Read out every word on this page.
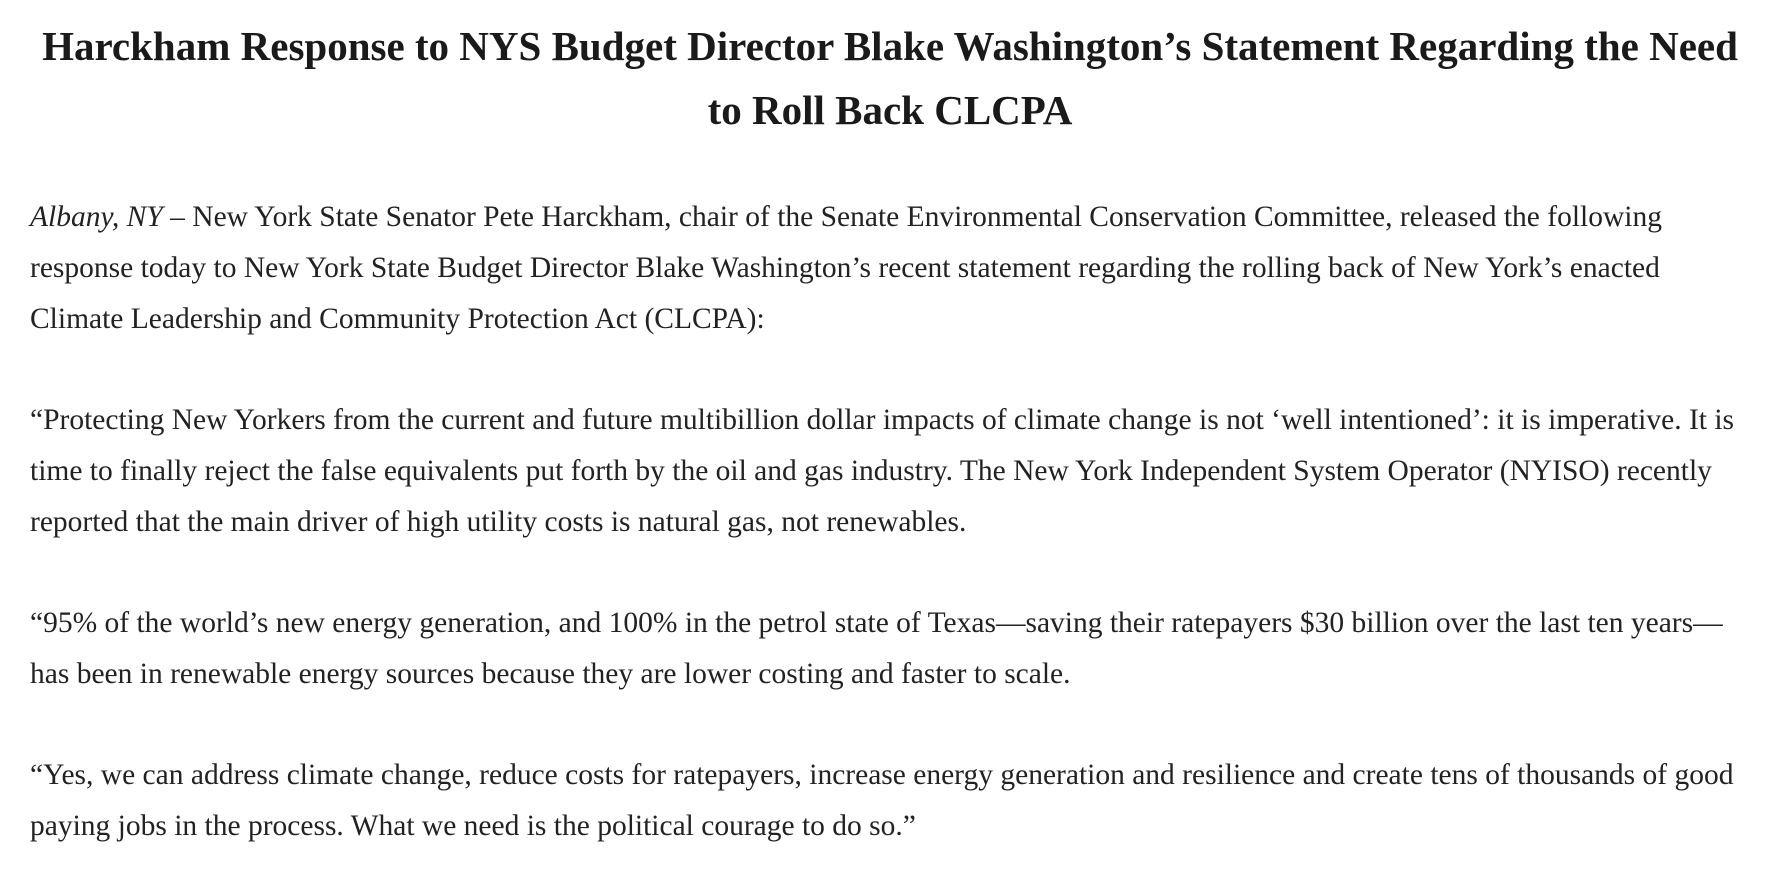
Harckham Response to NYS Budget Director Blake Washington’s Statement Regarding the Need to Roll Back CLCPA

Albany, NY – New York State Senator Pete Harckham, chair of the Senate Environmental Conservation Committee, released the following response today to New York State Budget Director Blake Washington’s recent statement regarding the rolling back of New York’s enacted Climate Leadership and Community Protection Act (CLCPA):

“Protecting New Yorkers from the current and future multibillion dollar impacts of climate change is not ‘well intentioned’: it is imperative. It is time to finally reject the false equivalents put forth by the oil and gas industry. The New York Independent System Operator (NYISO) recently reported that the main driver of high utility costs is natural gas, not renewables.

“95% of the world’s new energy generation, and 100% in the petrol state of Texas—saving their ratepayers $30 billion over the last ten years—has been in renewable energy sources because they are lower costing and faster to scale.

“Yes, we can address climate change, reduce costs for ratepayers, increase energy generation and resilience and create tens of thousands of good paying jobs in the process. What we need is the political courage to do so.”
